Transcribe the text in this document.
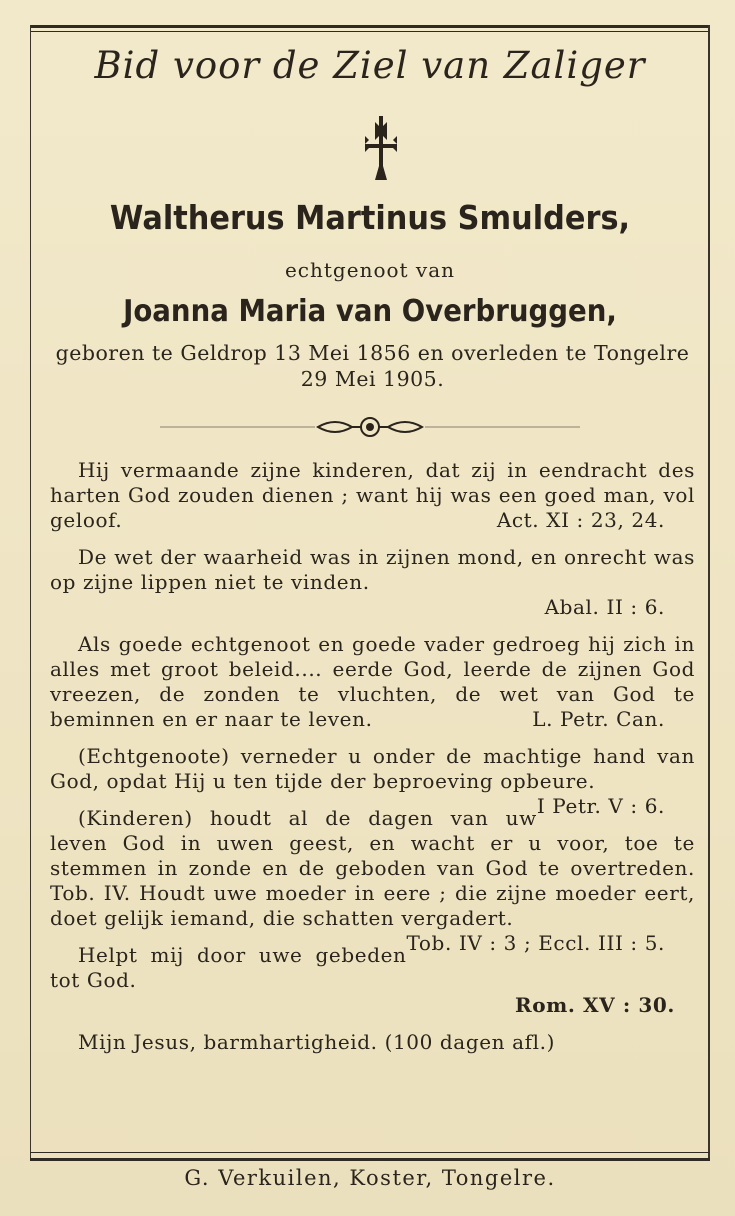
Bid voor de Ziel van Zaliger
Waltherus Martinus Smulders,
echtgenoot van
Joanna Maria van Overbruggen,
geboren te Geldrop 13 Mei 1856 en overleden te Tongelre 29 Mei 1905.

Hij vermaande zijne kinderen, dat zij in eendracht des harten God zouden dienen ; want hij was een goed man, vol geloof.	Act. XI : 23, 24.

De wet der waarheid was in zijnen mond, en onrecht was op zijne lippen niet te vinden.
Abal. II : 6.

Als goede echtgenoot en goede vader gedroeg hij zich in alles met groot beleid.... eerde God, leerde de zijnen God vreezen, de zonden te vluchten, de wet van God te beminnen en er naar te leven.	L. Petr. Can.

(Echtgenoote) verneder u onder de machtige hand van God, opdat Hij u ten tijde der beproeving opbeure.
I Petr. V : 6.

(Kinderen) houdt al de dagen van uw leven God in uwen geest, en wacht er u voor, toe te stemmen in zonde en de geboden van God te overtreden. Tob. IV. Houdt uwe moeder in eere ; die zijne moeder eert, doet gelijk iemand, die schatten vergadert.
Tob. IV : 3 ; Eccl. III : 5.

Helpt mij door uwe gebeden tot God.
Rom. XV : 30.

Mijn Jesus, barmhartigheid. (100 dagen afl.)

G. Verkuilen, Koster, Tongelre.
